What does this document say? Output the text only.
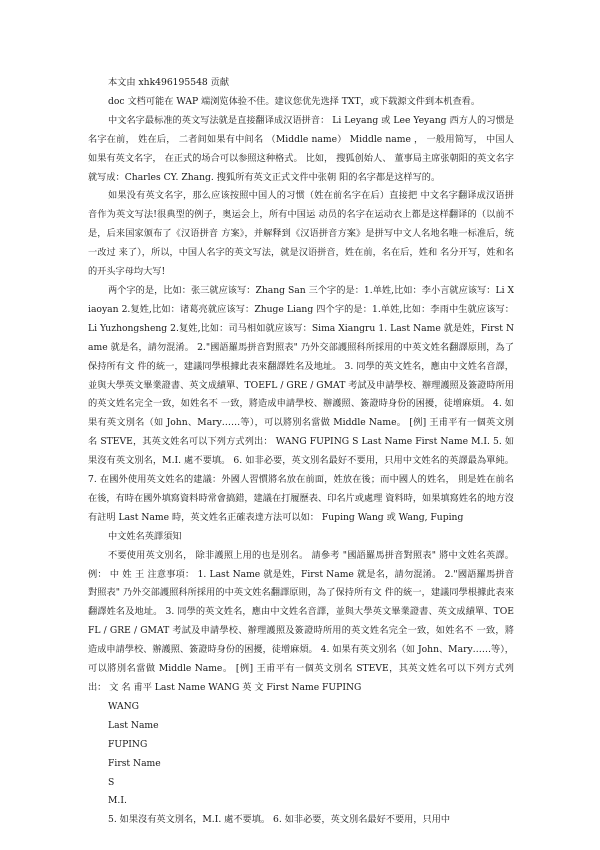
本文由 xhk496195548 贡献

doc 文档可能在 WAP 端浏览体验不佳。建议您优先选择 TXT，或下载源文件到本机查看。

中文名字最标准的英文写法就是直接翻译成汉语拼音： Li Leyang 或 Lee Yeyang 西方人的习惯是名字在前， 姓在后， 二者间如果有中间名 （Middle name） Middle name ， 一般用简写， 中国人如果有英文名字， 在正式的场合可以参照这种格式。 比如， 搜狐创始人、 董事局主席张朝阳的英文名字就写成：Charles CY. Zhang. 搜狐所有英文正式文件中张朝 阳的名字都是这样写的。

如果没有英文名字，那么应该按照中国人的习惯（姓在前名字在后）直接把 中文名字翻译成汉语拼音作为英文写法!很典型的例子，奥运会上，所有中国运 动员的名字在运动衣上都是这样翻译的（以前不是，后来国家颁布了《汉语拼音 方案》，并解释到《汉语拼音方案》是拼写中文人名地名唯一标准后，统一改过 来了），所以，中国人名字的英文写法，就是汉语拼音，姓在前，名在后，姓和 名分开写，姓和名的开头字母均大写!

两个字的是，比如：张三就应该写：Zhang San 三个字的是：1.单姓,比如：李小言就应该写：Li Xiaoyan 2.复姓,比如：诸葛亮就应该写：Zhuge Liang 四个字的是：1.单姓,比如：李雨中生就应该写：Li Yuzhongsheng 2.复姓,比如：司马相如就应该写：Sima Xiangru 1. Last Name 就是姓，First Name 就是名，請勿混淆。 2."國語羅馬拼音對照表" 乃外交部護照科所採用的中英文姓名翻譯原則，為了保持所有文 件的統一，建議同學根據此表來翻譯姓名及地址。 3. 同學的英文姓名，應由中文姓名音譯，並與大學英文畢業證書、英文成績單、TOEFL / GRE / GMAT 考試及申請學校、辦理護照及簽證時所用的英文姓名完全一致，如姓名不 一致，將造成申請學校、辦護照、簽證時身份的困擾，徒增麻煩。 4. 如果有英文別名（如 John、Mary……等），可以將別名當做 Middle Name。 [例] 王甫平有一個英文別名 STEVE，其英文姓名可以下列方式列出： WANG FUPING S Last Name First Name M.I. 5. 如果沒有英文別名，M.I. 處不要填。 6. 如非必要，英文別名最好不要用，只用中文姓名的英譯最為單純。 7. 在國外使用英文姓名的建議：外國人習慣將名放在前面，姓放在後；而中國人的姓名， 則是姓在前名在後，有時在國外填寫資料時常會搞錯，建議在打履歷表、印名片或處理 資料時，如果填寫姓名的地方沒有註明 Last Name 時，英文姓名正確表達方法可以如： Fuping Wang 或 Wang, Fuping

中文姓名英譯須知

不要使用英文別名， 除非護照上用的也是別名。 請參考 "國語羅馬拼音對照表" 將中文姓名英譯。 例： 中 姓 王 注意事項： 1. Last Name 就是姓，First Name 就是名，請勿混淆。 2."國語羅馬拼音對照表" 乃外交部護照科所採用的中英文姓名翻譯原則，為了保持所有文 件的統一，建議同學根據此表來翻譯姓名及地址。 3. 同學的英文姓名，應由中文姓名音譯，並與大學英文畢業證書、英文成績單、TOEFL / GRE / GMAT 考試及申請學校、辦理護照及簽證時所用的英文姓名完全一致，如姓名不 一致，將造成申請學校、辦護照、簽證時身份的困擾，徒增麻煩。 4. 如果有英文別名（如 John、Mary……等），可以將別名當做 Middle Name。 [例] 王甫平有一個英文別名 STEVE，其英文姓名可以下列方式列出： 文 名 甫平 Last Name WANG 英 文 First Name FUPING

WANG

Last Name

FUPING

First Name

S

M.I.

5. 如果沒有英文別名，M.I. 處不要填。 6. 如非必要，英文別名最好不要用，只用中
